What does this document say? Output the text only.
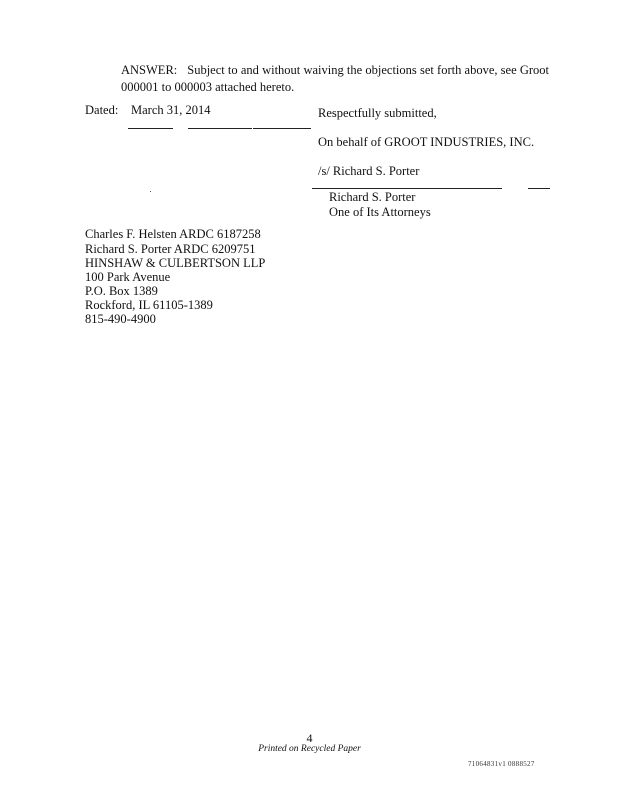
ANSWER: Subject to and without waiving the objections set forth above, see Groot
000001 to 000003 attached hereto.
Dated: March 31, 2014	Respectfully submitted,
On behalf of GROOT INDUSTRIES, INC.
/s/ Richard S. Porter
Richard S. Porter
One of Its Attorneys
Charles F. Helsten ARDC 6187258
Richard S. Porter ARDC 6209751
HINSHAW & CULBERTSON LLP
100 Park Avenue
P.O. Box 1389
Rockford, IL 61105-1389
815-490-4900
4
Printed on Recycled Paper
71064831v1 0888527
